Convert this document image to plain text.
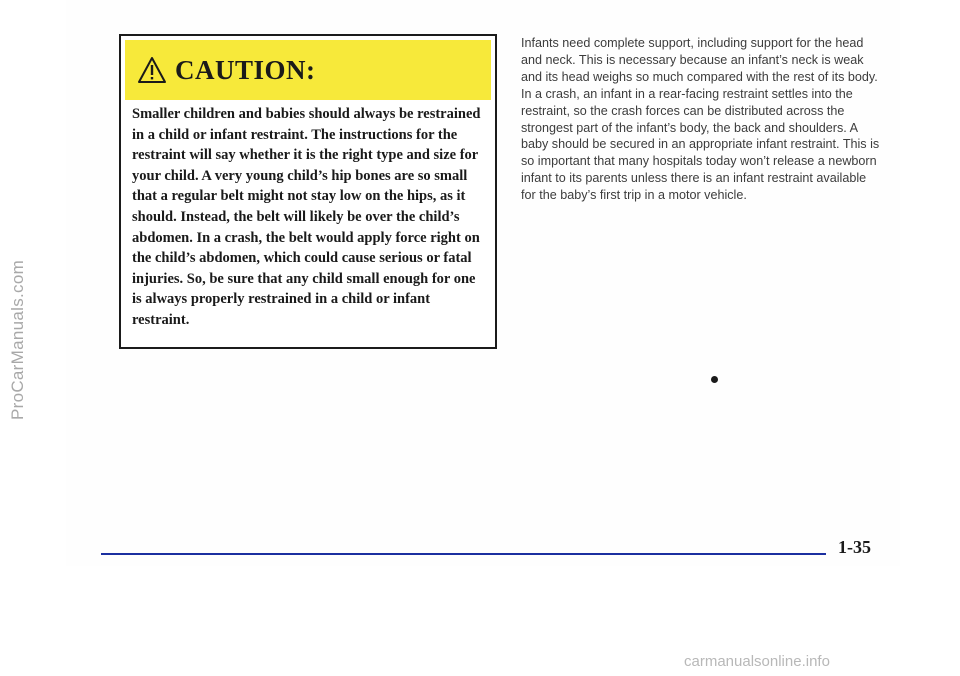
ProCarManuals.com
CAUTION:
Smaller children and babies should always be restrained in a child or infant restraint. The instructions for the restraint will say whether it is the right type and size for your child. A very young child’s hip bones are so small that a regular belt might not stay low on the hips, as it should. Instead, the belt will likely be over the child’s abdomen. In a crash, the belt would apply force right on the child’s abdomen, which could cause serious or fatal injuries. So, be sure that any child small enough for one is always properly restrained in a child or infant restraint.
Infants need complete support, including support for the head and neck. This is necessary because an infant’s neck is weak and its head weighs so much compared with the rest of its body. In a crash, an infant in a rear-facing restraint settles into the restraint, so the crash forces can be distributed across the strongest part of the infant’s body, the back and shoulders. A baby should be secured in an appropriate infant restraint. This is so important that many hospitals today won’t release a newborn infant to its parents unless there is an infant restraint available for the baby’s first trip in a motor vehicle.
1-35
carmanualsonline.info
